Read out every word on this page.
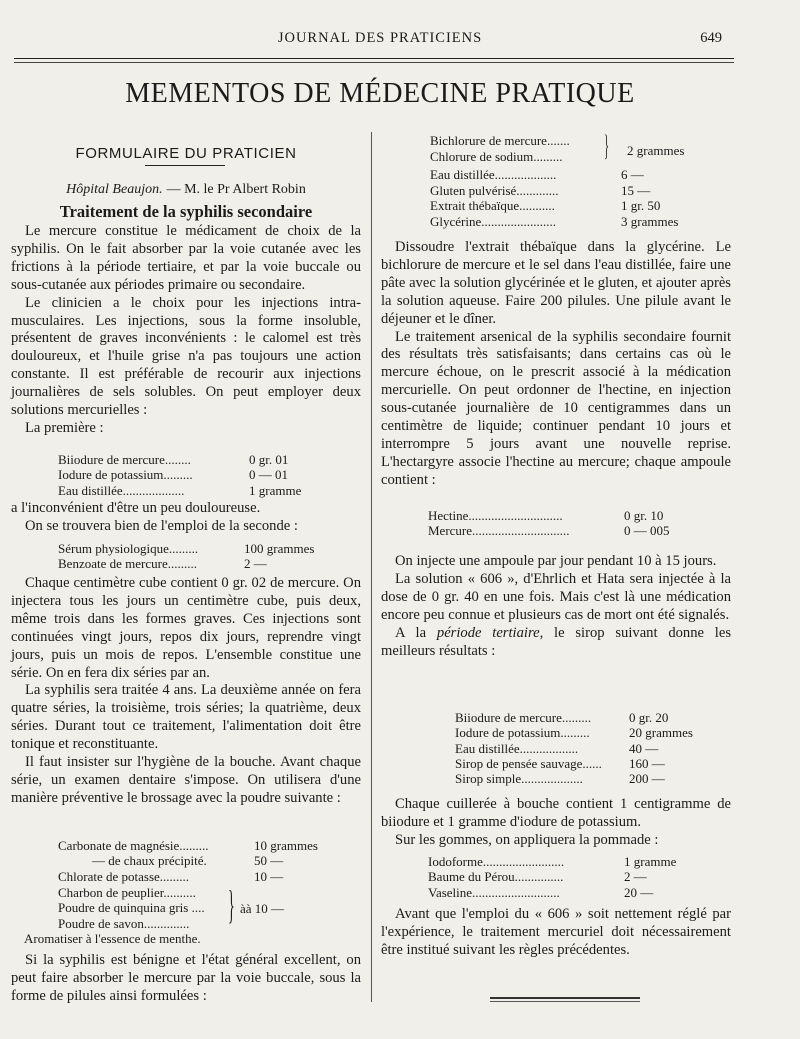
JOURNAL DES PRATICIENS	649
MEMENTOS DE MÉDECINE PRATIQUE
FORMULAIRE DU PRATICIEN
Hôpital Beaujon. — M. le Pr Albert Robin
Traitement de la syphilis secondaire

Le mercure constitue le médicament de choix de la syphilis. On le fait absorber par la voie cutanée avec les frictions à la période tertiaire, et par la voie buccale ou sous-cutanée aux périodes primaire ou secondaire.

Le clinicien a le choix pour les injections intra-musculaires. Les injections, sous la forme insoluble, présentent de graves inconvénients : le calomel est très douloureux, et l'huile grise n'a pas toujours une action constante. Il est préférable de recourir aux injections journalières de sels solubles. On peut employer deux solutions mercurielles :

La première :

Biiodure de mercure........	0 gr. 01
Iodure de potassium.........	0 — 01
Eau distillée...................	1 gramme

a l'inconvénient d'être un peu douloureuse.

On se trouvera bien de l'emploi de la seconde :

Sérum physiologique.........	100 grammes
Benzoate de mercure.........	2 —

Chaque centimètre cube contient 0 gr. 02 de mercure. On injectera tous les jours un centimètre cube, puis deux, même trois dans les formes graves. Ces injections sont continuées vingt jours, repos dix jours, reprendre vingt jours, puis un mois de repos. L'ensemble constitue une série. On en fera dix séries par an.

La syphilis sera traitée 4 ans. La deuxième année on fera quatre séries, la troisième, trois séries; la quatrième, deux séries. Durant tout ce traitement, l'alimentation doit être tonique et reconstituante.

Il faut insister sur l'hygiène de la bouche. Avant chaque série, un examen dentaire s'impose. On utilisera d'une manière préventive le brossage avec la poudre suivante :

Carbonate de magnésie.........	10 grammes
— de chaux précipité.	50 —
Chlorate de potasse.........	10 —
Charbon de peuplier..........
Poudre de quinquina gris ....
Poudre de savon.............. } àà 10 —
Aromatiser à l'essence de menthe.

Si la syphilis est bénigne et l'état général excellent, on peut faire absorber le mercure par la voie buccale, sous la forme de pilules ainsi formulées :

Bichlorure de mercure.......
Chlorure de sodium......... } 2 grammes
Eau distillée...................	6 —
Gluten pulvérisé.............	15 —
Extrait thébaïque...........	1 gr. 50
Glycérine.......................	3 grammes

Dissoudre l'extrait thébaïque dans la glycérine. Le bichlorure de mercure et le sel dans l'eau distillée, faire une pâte avec la solution glycérinée et le gluten, et ajouter après la solution aqueuse. Faire 200 pilules. Une pilule avant le déjeuner et le dîner.

Le traitement arsenical de la syphilis secondaire fournit des résultats très satisfaisants; dans certains cas où le mercure échoue, on le prescrit associé à la médication mercurielle. On peut ordonner de l'hectine, en injection sous-cutanée journalière de 10 centigrammes dans un centimètre de liquide; continuer pendant 10 jours et interrompre 5 jours avant une nouvelle reprise. L'hectargyre associe l'hectine au mercure; chaque ampoule contient :

Hectine.............................	0 gr. 10
Mercure..............................	0 — 005

On injecte une ampoule par jour pendant 10 à 15 jours.

La solution « 606 », d'Ehrlich et Hata sera injectée à la dose de 0 gr. 40 en une fois. Mais c'est là une médication encore peu connue et plusieurs cas de mort ont été signalés.

A la période tertiaire, le sirop suivant donne les meilleurs résultats :

Biiodure de mercure.........	0 gr. 20
Iodure de potassium.........	20 grammes
Eau distillée..................	40 —
Sirop de pensée sauvage......	160 —
Sirop simple...................	200 —

Chaque cuillerée à bouche contient 1 centigramme de biiodure et 1 gramme d'iodure de potassium.

Sur les gommes, on appliquera la pommade :

Iodoforme.........................	1 gramme
Baume du Pérou...............	2 —
Vaseline...........................	20 —

Avant que l'emploi du « 606 » soit nettement réglé par l'expérience, le traitement mercuriel doit nécessairement être institué suivant les règles précédentes.
